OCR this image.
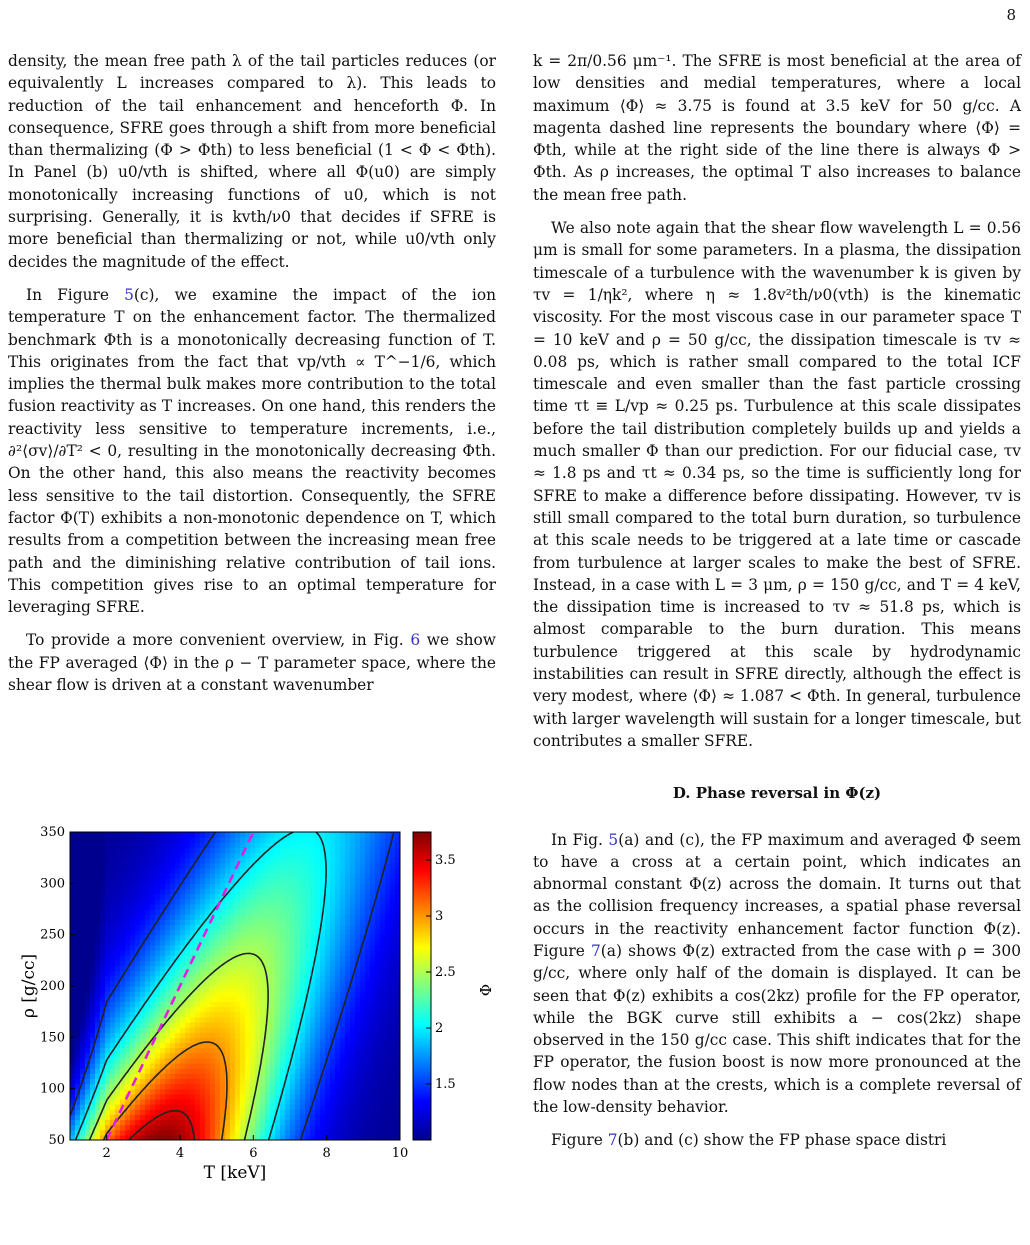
8

density, the mean free path λ of the tail particles reduces (or equivalently L increases compared to λ). This leads to reduction of the tail enhancement and henceforth Φ. In consequence, SFRE goes through a shift from more beneficial than thermalizing (Φ > Φth) to less beneficial (1 < Φ < Φth). In Panel (b) u0/vth is shifted, where all Φ(u0) are simply monotonically increasing functions of u0, which is not surprising. Generally, it is kvth/ν0 that decides if SFRE is more beneficial than thermalizing or not, while u0/vth only decides the magnitude of the effect.

In Figure 5(c), we examine the impact of the ion temperature T on the enhancement factor. The thermalized benchmark Φth is a monotonically decreasing function of T. This originates from the fact that vp/vth ∝ T^−1/6, which implies the thermal bulk makes more contribution to the total fusion reactivity as T increases. On one hand, this renders the reactivity less sensitive to temperature increments, i.e., ∂²⟨σv⟩/∂T² < 0, resulting in the monotonically decreasing Φth. On the other hand, this also means the reactivity becomes less sensitive to the tail distortion. Consequently, the SFRE factor Φ(T) exhibits a non-monotonic dependence on T, which results from a competition between the increasing mean free path and the diminishing relative contribution of tail ions. This competition gives rise to an optimal temperature for leveraging SFRE.

To provide a more convenient overview, in Fig. 6 we show the FP averaged ⟨Φ⟩ in the ρ − T parameter space, where the shear flow is driven at a constant wavenumber

k = 2π/0.56 μm⁻¹. The SFRE is most beneficial at the area of low densities and medial temperatures, where a local maximum ⟨Φ⟩ ≈ 3.75 is found at 3.5 keV for 50 g/cc. A magenta dashed line represents the boundary where ⟨Φ⟩ = Φth, while at the right side of the line there is always Φ > Φth. As ρ increases, the optimal T also increases to balance the mean free path.

We also note again that the shear flow wavelength L = 0.56 μm is small for some parameters. In a plasma, the dissipation timescale of a turbulence with the wavenumber k is given by τv = 1/ηk², where η ≈ 1.8v²th/ν0(vth) is the kinematic viscosity. For the most viscous case in our parameter space T = 10 keV and ρ = 50 g/cc, the dissipation timescale is τv ≈ 0.08 ps, which is rather small compared to the total ICF timescale and even smaller than the fast particle crossing time τt ≡ L/vp ≈ 0.25 ps. Turbulence at this scale dissipates before the tail distribution completely builds up and yields a much smaller Φ than our prediction. For our fiducial case, τv ≈ 1.8 ps and τt ≈ 0.34 ps, so the time is sufficiently long for SFRE to make a difference before dissipating. However, τv is still small compared to the total burn duration, so turbulence at this scale needs to be triggered at a late time or cascade from turbulence at larger scales to make the best of SFRE. Instead, in a case with L = 3 μm, ρ = 150 g/cc, and T = 4 keV, the dissipation time is increased to τv ≈ 51.8 ps, which is almost comparable to the burn duration. This means turbulence triggered at this scale by hydrodynamic instabilities can result in SFRE directly, although the effect is very modest, where ⟨Φ⟩ ≈ 1.087 < Φth. In general, turbulence with larger wavelength will sustain for a longer timescale, but contributes a smaller SFRE.

D. Phase reversal in Φ(z)

In Fig. 5(a) and (c), the FP maximum and averaged Φ seem to have a cross at a certain point, which indicates an abnormal constant Φ(z) across the domain. It turns out that as the collision frequency increases, a spatial phase reversal occurs in the reactivity enhancement factor function Φ(z). Figure 7(a) shows Φ(z) extracted from the case with ρ = 300 g/cc, where only half of the domain is displayed. It can be seen that Φ(z) exhibits a cos(2kz) profile for the FP operator, while the BGK curve still exhibits a − cos(2kz) shape observed in the 150 g/cc case. This shift indicates that for the FP operator, the fusion boost is now more pronounced at the flow nodes than at the crests, which is a complete reversal of the low-density behavior.

Figure 7(b) and (c) show the FP phase space distri

2	4	6	8	10
50
100
150
200
250
300
350
T [keV]
ρ [g/cc]
1.5
2
2.5
3
3.5
Φ
